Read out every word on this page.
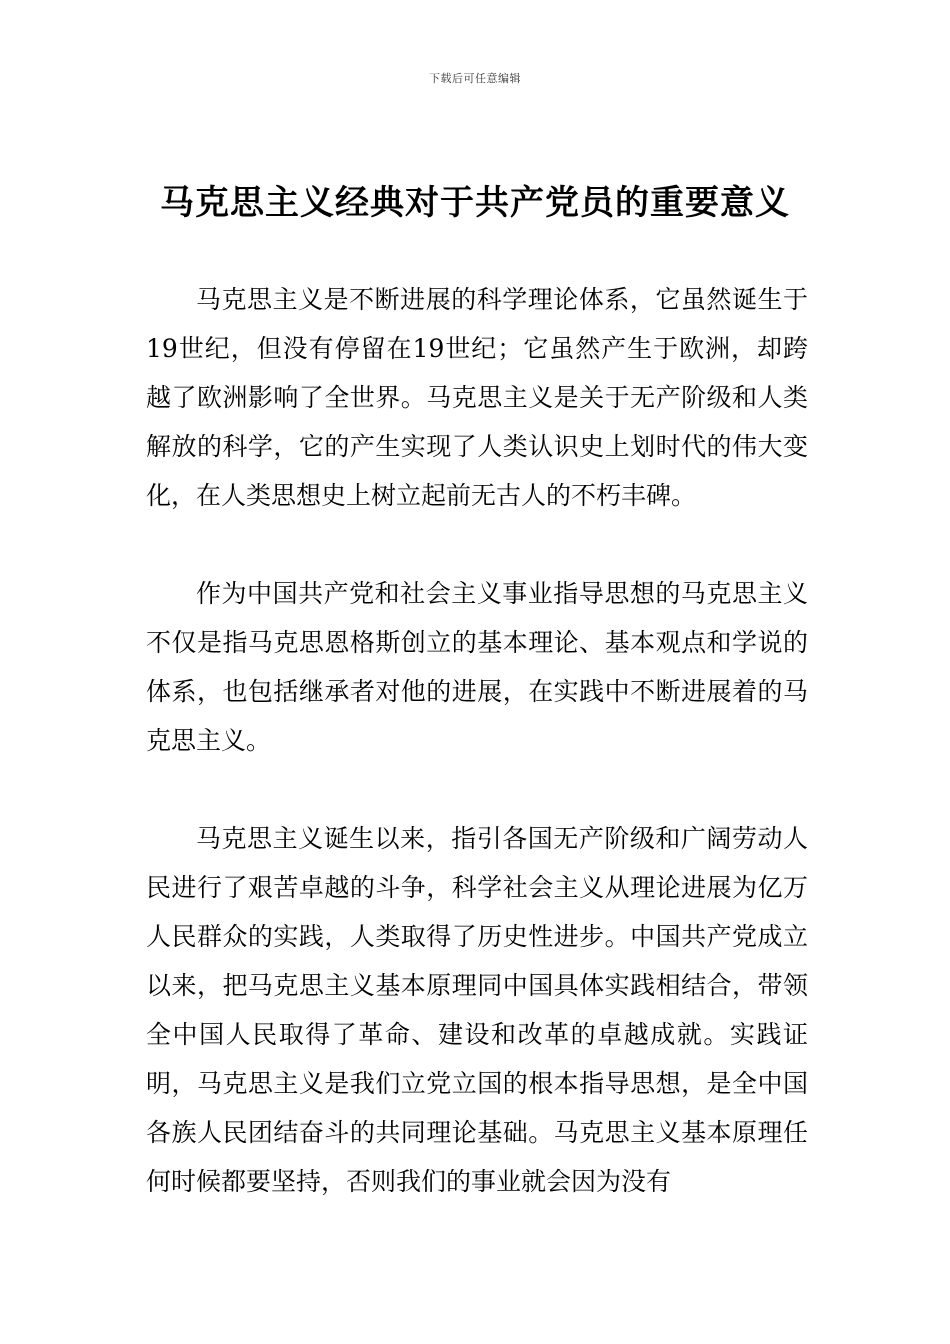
下载后可任意编辑
马克思主义经典对于共产党员的重要意义

马克思主义是不断进展的科学理论体系，它虽然诞生于19世纪，但没有停留在19世纪；它虽然产生于欧洲，却跨越了欧洲影响了全世界。马克思主义是关于无产阶级和人类解放的科学，它的产生实现了人类认识史上划时代的伟大变化，在人类思想史上树立起前无古人的不朽丰碑。

作为中国共产党和社会主义事业指导思想的马克思主义不仅是指马克思恩格斯创立的基本理论、基本观点和学说的体系，也包括继承者对他的进展，在实践中不断进展着的马克思主义。

马克思主义诞生以来，指引各国无产阶级和广阔劳动人民进行了艰苦卓越的斗争，科学社会主义从理论进展为亿万人民群众的实践，人类取得了历史性进步。中国共产党成立以来，把马克思主义基本原理同中国具体实践相结合，带领全中国人民取得了革命、建设和改革的卓越成就。实践证明，马克思主义是我们立党立国的根本指导思想，是全中国各族人民团结奋斗的共同理论基础。马克思主义基本原理任何时候都要坚持，否则我们的事业就会因为没有
